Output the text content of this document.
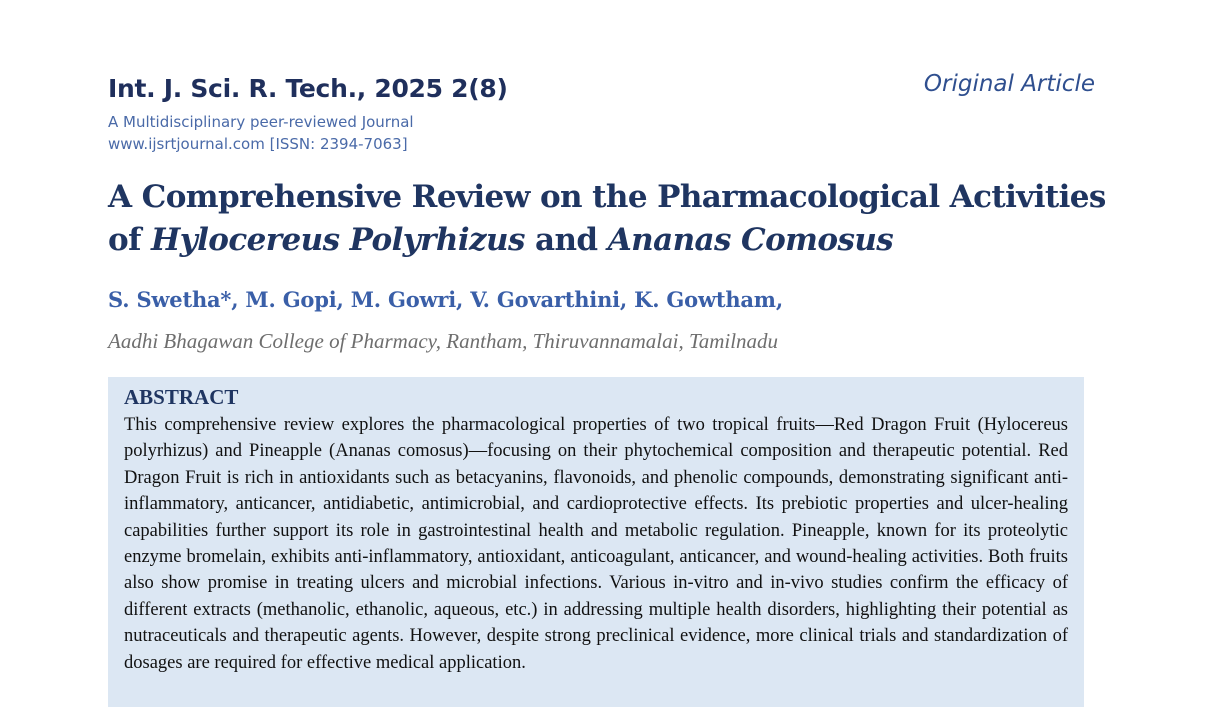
Int. J. Sci. R. Tech., 2025 2(8)	Original Article
A Multidisciplinary peer-reviewed Journal
www.ijsrtjournal.com [ISSN: 2394-7063]
A Comprehensive Review on the Pharmacological Activities of Hylocereus Polyrhizus and Ananas Comosus
S. Swetha*, M. Gopi, M. Gowri, V. Govarthini, K. Gowtham,
Aadhi Bhagawan College of Pharmacy, Rantham, Thiruvannamalai, Tamilnadu
ABSTRACT

This comprehensive review explores the pharmacological properties of two tropical fruits—Red Dragon Fruit (Hylocereus polyrhizus) and Pineapple (Ananas comosus)—focusing on their phytochemical composition and therapeutic potential. Red Dragon Fruit is rich in antioxidants such as betacyanins, flavonoids, and phenolic compounds, demonstrating significant anti-inflammatory, anticancer, antidiabetic, antimicrobial, and cardioprotective effects. Its prebiotic properties and ulcer-healing capabilities further support its role in gastrointestinal health and metabolic regulation. Pineapple, known for its proteolytic enzyme bromelain, exhibits anti-inflammatory, antioxidant, anticoagulant, anticancer, and wound-healing activities. Both fruits also show promise in treating ulcers and microbial infections. Various in-vitro and in-vivo studies confirm the efficacy of different extracts (methanolic, ethanolic, aqueous, etc.) in addressing multiple health disorders, highlighting their potential as nutraceuticals and therapeutic agents. However, despite strong preclinical evidence, more clinical trials and standardization of dosages are required for effective medical application.
